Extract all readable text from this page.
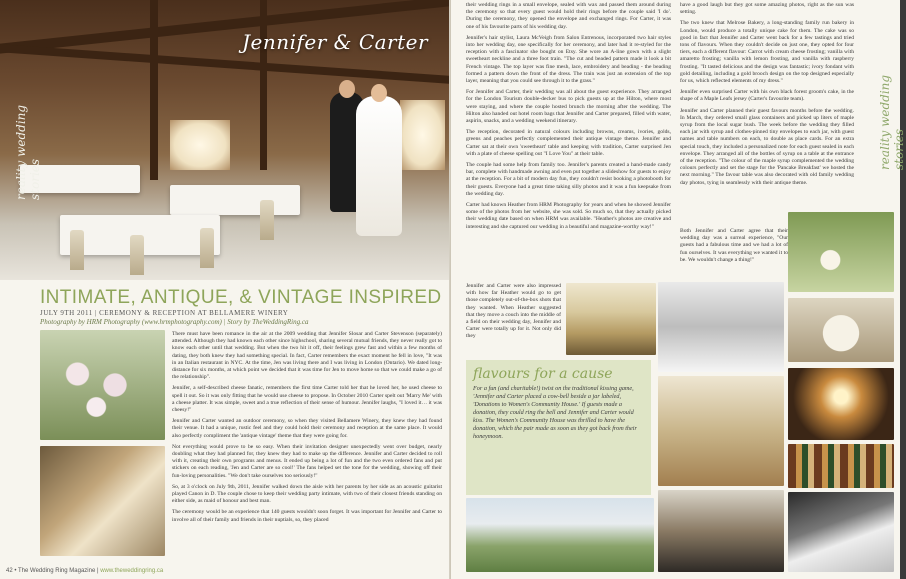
Jennifer & Carter
reality wedding stories
INTIMATE, ANTIQUE, & VINTAGE INSPIRED
JULY 9TH 2011 | CEREMONY & RECEPTION AT BELLAMERE WINERY
Photography by HRM Photography (www.hrmphotography.com) | Story by TheWeddingRing.ca

There must have been romance in the air at the 2009 wedding that Jennifer Slosar and Carter Stevenson (separately) attended. Although they had known each other since highschool, sharing several mutual friends, they never really got to know each other until that wedding. But when the two hit it off, their feelings grew fast and within a few months of dating, they both knew they had something special. In fact, Carter remembers the exact moment he fell in love, "It was in an Italian restaurant in NYC. At the time, Jen was living there and I was living in London (Ontario). We dated long-distance for six months, at which point we decided that it was time for Jen to move home so that we could make a go of the relationship".

Jennifer, a self-described cheese fanatic, remembers the first time Carter told her that he loved her, he used cheese to spell it out. So it was only fitting that he would use cheese to propose. In October 2010 Carter spelt out 'Marry Me' with a cheese platter. It was simple, sweet and a true reflection of their sense of humour. Jennifer laughs, "I loved it… it was cheesy!"

Jennifer and Carter wanted an outdoor ceremony, so when they visited Bellamere Winery, they knew they had found their venue. It had a unique, rustic feel and they could hold their ceremony and reception at the same place. It would also perfectly compliment the 'antique vintage' theme that they were going for.

Not everything would prove to be so easy. When their invitation designer unexpectedly went over budget, nearly doubling what they had planned for, they knew they had to make up the difference. Jennifer and Carter decided to roll with it, creating their own programs and menus. It ended up being a lot of fun and the two even ordered fans and put stickers on each reading, 'Jen and Carter are so cool!' The fans helped set the tone for the wedding, showing off their fun-loving personalities. "We don't take ourselves too seriously!"

So, at 3 o'clock on July 9th, 2011, Jennifer walked down the aisle with her parents by her side as an acoustic guitarist played Canon in D. The couple chose to keep their wedding party intimate, with two of their closest friends standing on either side, as maid of honour and best man.

The ceremony would be an experience that 140 guests wouldn't soon forget. It was important for Jennifer and Carter to involve all of their family and friends in their nuptials, so, they placed

42 • The Wedding Ring Magazine | www.theweddingring.ca

their wedding rings in a small envelope, sealed with wax and passed them around during the ceremony so that every guest would hold their rings before the couple said 'I do'. During the ceremony, they opened the envelope and exchanged rings. For Carter, it was one of his favourite parts of his wedding day.

Jennifer's hair stylist, Laura McVeigh from Salon Entrenous, incorporated two hair styles into her wedding day, one specifically for her ceremony, and later had it re-styled for the reception with a fascinator she bought on Etsy. She wore an A-line gown with a slight sweetheart neckline and a three foot train. "The cut and beaded pattern made it look a bit French vintage. The top layer was fine mesh, lace, embroidery and beading - the beading formed a pattern down the front of the dress. The train was just an extension of the top layer, meaning that you could see through it to the grass."

For Jennifer and Carter, their wedding was all about the guest experience. They arranged for the London Tourism double-decker bus to pick guests up at the Hilton, where most were staying, and where the couple hosted brunch the morning after the wedding. The Hilton also handed out hotel room bags that Jennifer and Carter prepared, filled with water, aspirin, snacks, and a wedding weekend itinerary.

The reception, decorated in natural colours including browns, creams, ivories, golds, greens and peaches perfectly complemented their antique vintage theme. Jennifer and Carter sat at their own 'sweetheart' table and keeping with tradition, Carter surprised Jen with a plate of cheese spelling out "I Love You" at their table.

The couple had some help from family too. Jennifer's parents created a hand-made candy bar, complete with handmade awning and even put together a slideshow for guests to enjoy at the reception. For a bit of modern day fun, they couldn't resist booking a photobooth for their guests. Everyone had a great time taking silly photos and it was a fun keepsake from the wedding day.

Carter had known Heather from HRM Photography for years and when he showed Jennifer some of the photos from her website, she was sold. So much so, that they actually picked their wedding date based on when HRM was available. "Heather's photos are creative and interesting and she captured our wedding in a beautiful and magazine-worthy way!"

Jennifer and Carter were also impressed with how far Heather would go to get those completely out-of-the-box shots that they wanted. When Heather suggested that they move a couch into the middle of a field on their wedding day, Jennifer and Carter were totally up for it. Not only did they

have a good laugh but they got some amazing photos, right as the sun was setting.

The two knew that Melrose Bakery, a long-standing family run bakery in London, would produce a totally unique cake for them. The cake was so good in fact that Jennifer and Carter went back for a few tastings and tried tons of flavours. When they couldn't decide on just one, they opted for four tiers, each a different flavour: Carrot with cream cheese frosting; vanilla with amaretto frosting; vanilla with lemon frosting, and vanilla with raspberry frosting. "It tasted delicious and the design was fantastic; ivory fondant with gold detailing, including a gold brooch design on the top designed especially for us, which reflected elements of my dress."

Jennifer even surprised Carter with his own black forest groom's cake, in the shape of a Maple Leafs jersey (Carter's favourite team).

Jennifer and Carter planned their guest favours months before the wedding. In March, they ordered small glass containers and picked up liters of maple syrup from the local sugar bush. The week before the wedding they filled each jar with syrup and clothes-pinned tiny envelopes to each jar, with guest names and table numbers on each, to double as place cards. For an extra special touch, they included a personalized note for each guest sealed in each envelope. They arranged all of the bottles of syrup on a table at the entrance of the reception. "The colour of the maple syrup complemented the wedding colours perfectly and set the stage for the 'Pancake Breakfast' we hosted the next morning." The favour table was also decorated with old family wedding day photos, tying in seamlessly with their antique theme.

Both Jennifer and Carter agree that their wedding day was a surreal experience, "Our guests had a fabulous time and we had a lot of fun ourselves. It was everything we wanted it to be. We wouldn't change a thing!"

reality wedding stories
flavours for a cause
For a fun (and charitable!) twist on the traditional kissing game, 'Jennifer and Carter placed a cow-bell beside a jar labeled, 'Donations to Women's Community House.' If guests made a donation, they could ring the bell and Jennifer and Carter would kiss. The Women's Community House was thrilled to have the donation, which the pair made as soon as they got back from their honeymoon.
